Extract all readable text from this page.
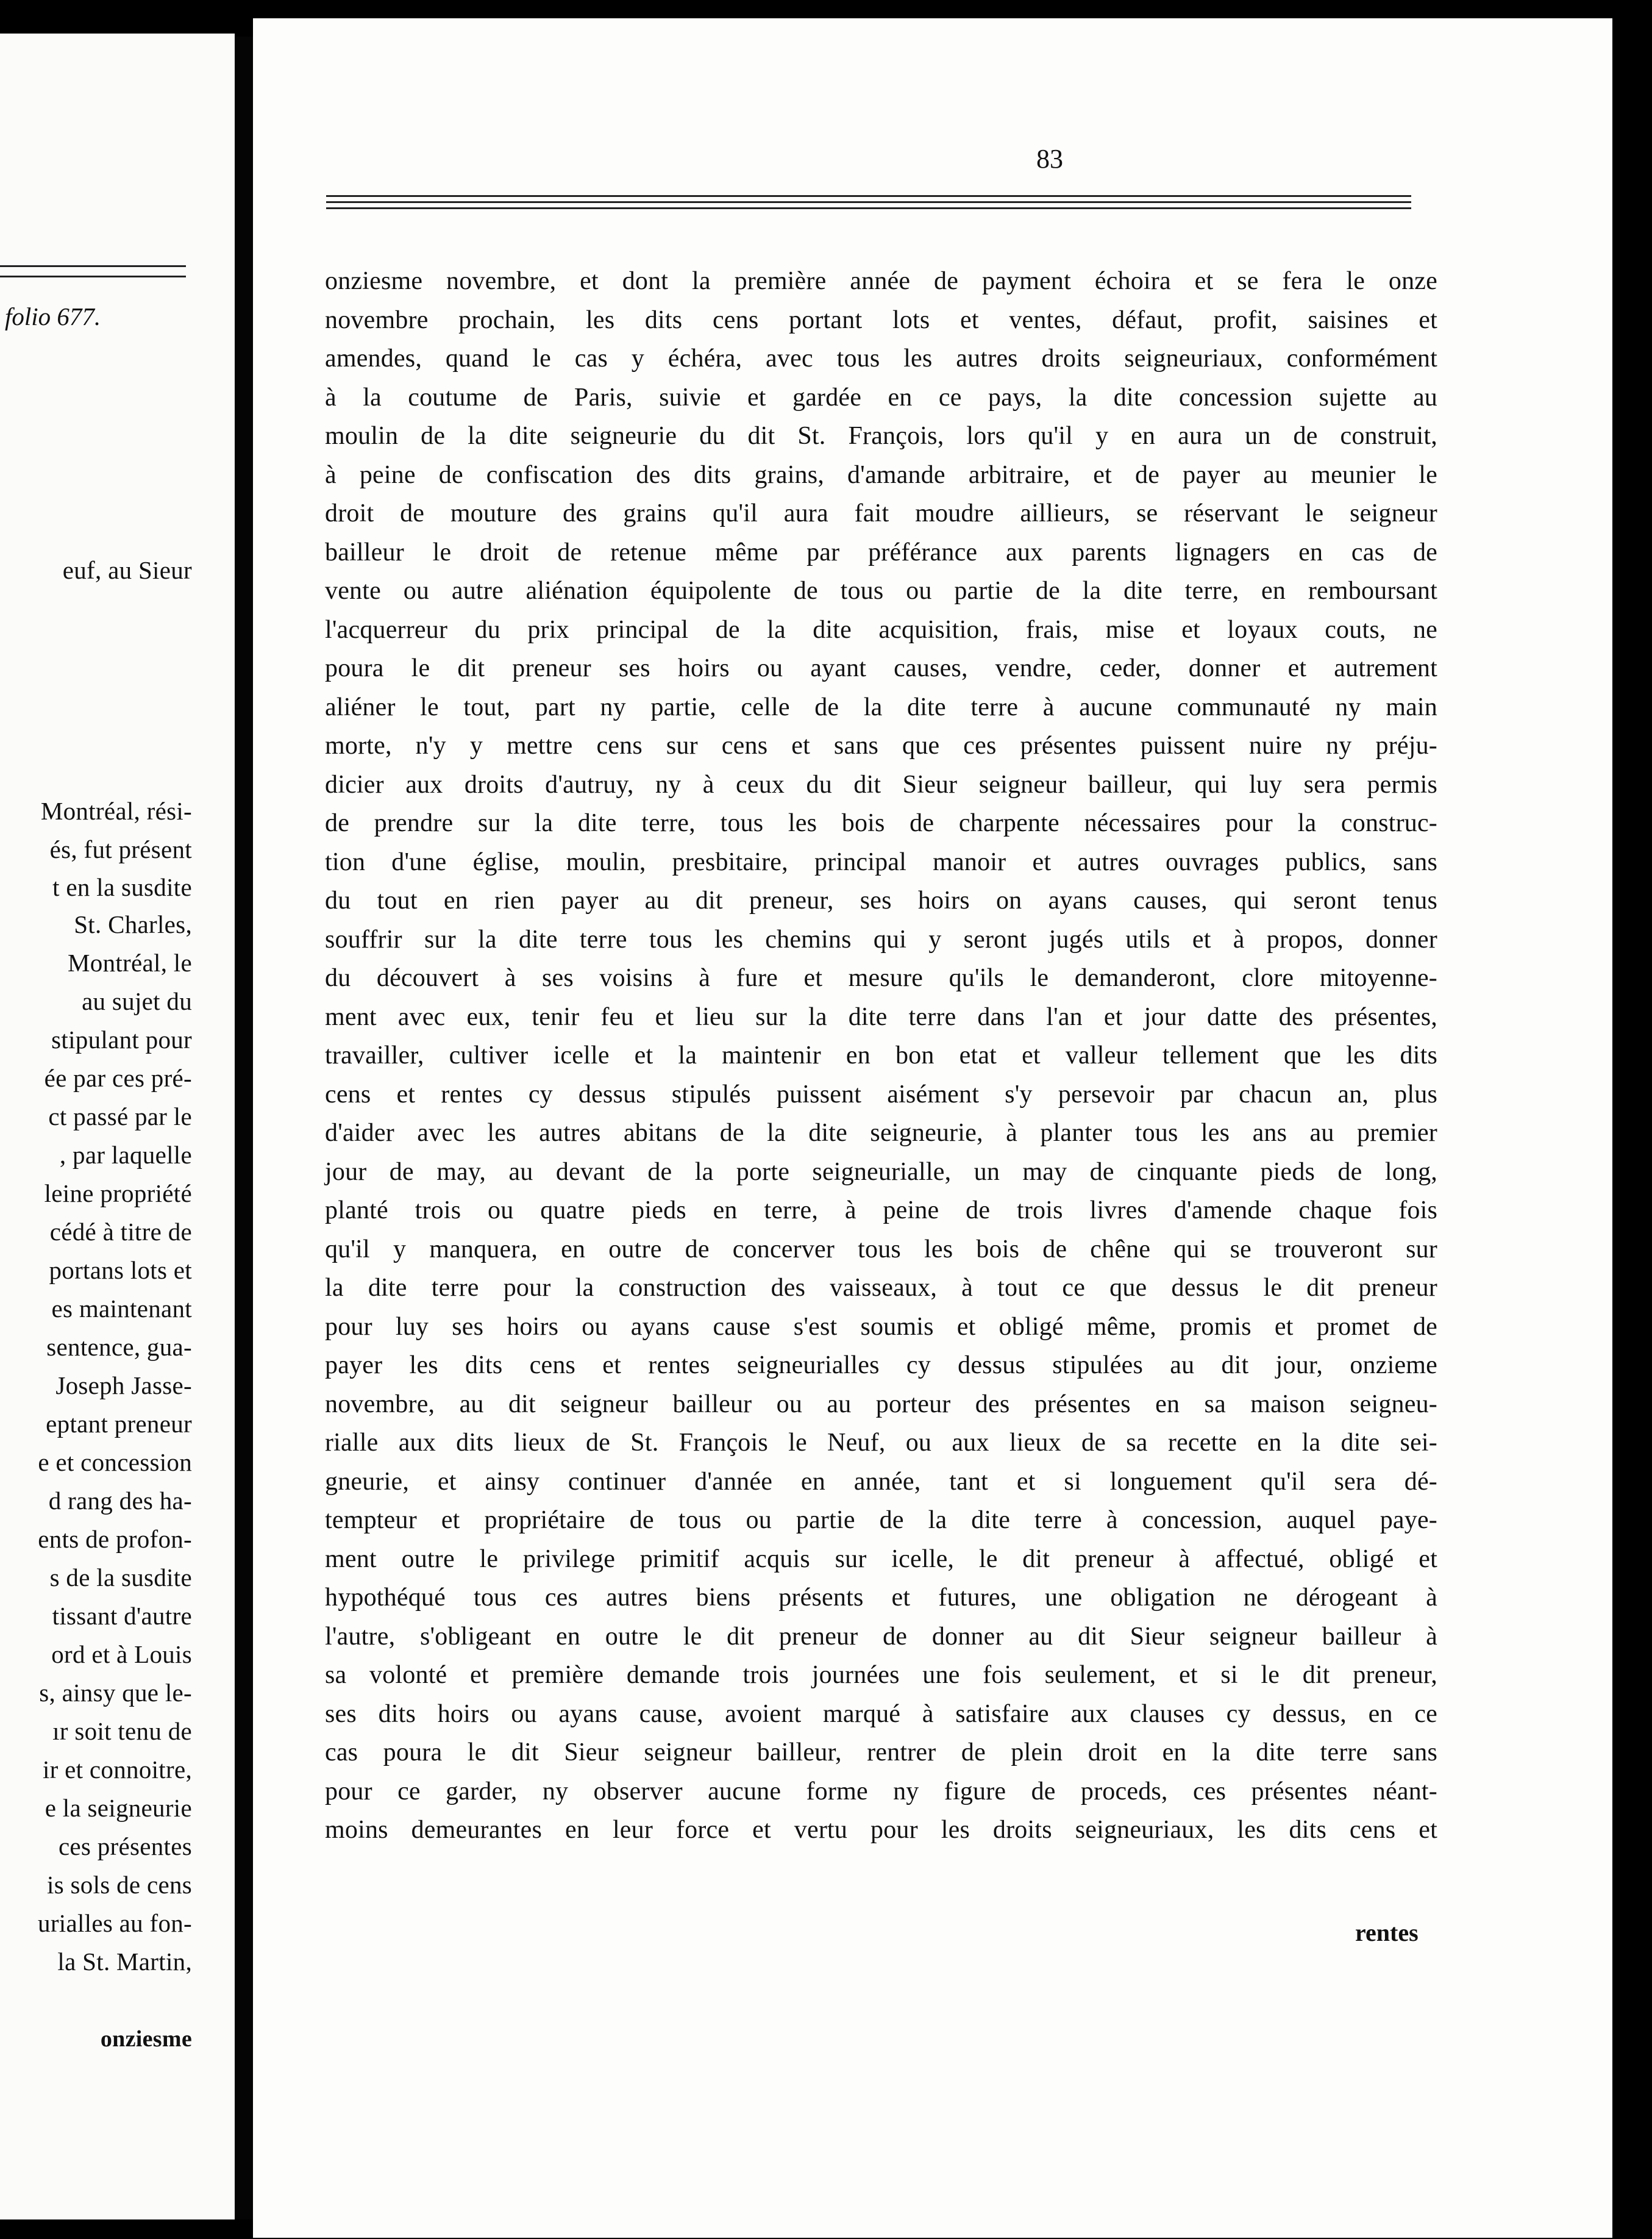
folio 677.
euf, au Sieur
Montréal, rési-
és, fut présent
t en la susdite
St. Charles,
Montréal, le
au sujet du
stipulant pour
ée par ces pré-
ct passé par le
, par laquelle
leine propriété
cédé à titre de
portans lots et
es maintenant
sentence, gua-
Joseph Jasse-
eptant preneur
e et concession
d rang des ha-
ents de profon-
s de la susdite
tissant d'autre
ord et à Louis
s, ainsy que le-
ır soit tenu de
ir et connoitre,
e la seigneurie
ces présentes
is sols de cens
urialles au fon-
la St. Martin,
onziesme
83
onziesme novembre, et dont la première année de payment échoira et se fera le onze
novembre prochain, les dits cens portant lots et ventes, défaut, profit, saisines et
amendes, quand le cas y échéra, avec tous les autres droits seigneuriaux, conformément
à la coutume de Paris, suivie et gardée en ce pays, la dite concession sujette au
moulin de la dite seigneurie du dit St. François, lors qu'il y en aura un de construit,
à peine de confiscation des dits grains, d'amande arbitraire, et de payer au meunier le
droit de mouture des grains qu'il aura fait moudre aillieurs, se réservant le seigneur
bailleur le droit de retenue même par préférance aux parents lignagers en cas de
vente ou autre aliénation équipolente de tous ou partie de la dite terre, en remboursant
l'acquerreur du prix principal de la dite acquisition, frais, mise et loyaux couts, ne
poura le dit preneur ses hoirs ou ayant causes, vendre, ceder, donner et autrement
aliéner le tout, part ny partie, celle de la dite terre à aucune communauté ny main
morte, n'y y mettre cens sur cens et sans que ces présentes puissent nuire ny préju-
dicier aux droits d'autruy, ny à ceux du dit Sieur seigneur bailleur, qui luy sera permis
de prendre sur la dite terre, tous les bois de charpente nécessaires pour la construc-
tion d'une église, moulin, presbitaire, principal manoir et autres ouvrages publics, sans
du tout en rien payer au dit preneur, ses hoirs on ayans causes, qui seront tenus
souffrir sur la dite terre tous les chemins qui y seront jugés utils et à propos, donner
du découvert à ses voisins à fure et mesure qu'ils le demanderont, clore mitoyenne-
ment avec eux, tenir feu et lieu sur la dite terre dans l'an et jour datte des présentes,
travailler, cultiver icelle et la maintenir en bon etat et valleur tellement que les dits
cens et rentes cy dessus stipulés puissent aisément s'y persevoir par chacun an, plus
d'aider avec les autres abitans de la dite seigneurie, à planter tous les ans au premier
jour de may, au devant de la porte seigneurialle, un may de cinquante pieds de long,
planté trois ou quatre pieds en terre, à peine de trois livres d'amende chaque fois
qu'il y manquera, en outre de concerver tous les bois de chêne qui se trouveront sur
la dite terre pour la construction des vaisseaux, à tout ce que dessus le dit preneur
pour luy ses hoirs ou ayans cause s'est soumis et obligé même, promis et promet de
payer les dits cens et rentes seigneurialles cy dessus stipulées au dit jour, onzieme
novembre, au dit seigneur bailleur ou au porteur des présentes en sa maison seigneu-
rialle aux dits lieux de St. François le Neuf, ou aux lieux de sa recette en la dite sei-
gneurie, et ainsy continuer d'année en année, tant et si longuement qu'il sera dé-
tempteur et propriétaire de tous ou partie de la dite terre à concession, auquel paye-
ment outre le privilege primitif acquis sur icelle, le dit preneur à affectué, obligé et
hypothéqué tous ces autres biens présents et futures, une obligation ne dérogeant à
l'autre, s'obligeant en outre le dit preneur de donner au dit Sieur seigneur bailleur à
sa volonté et première demande trois journées une fois seulement, et si le dit preneur,
ses dits hoirs ou ayans cause, avoient marqué à satisfaire aux clauses cy dessus, en ce
cas poura le dit Sieur seigneur bailleur, rentrer de plein droit en la dite terre sans
pour ce garder, ny observer aucune forme ny figure de proceds, ces présentes néant-
moins demeurantes en leur force et vertu pour les droits seigneuriaux, les dits cens et
rentes
